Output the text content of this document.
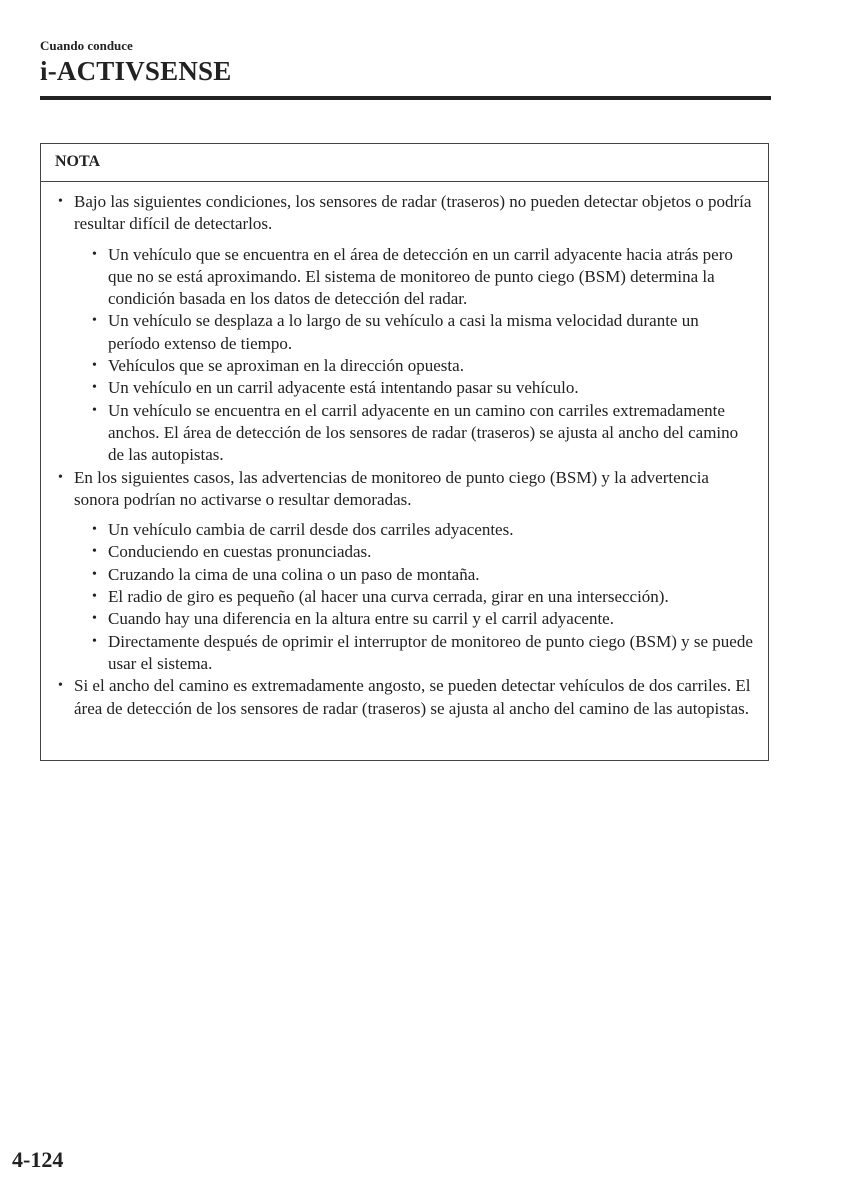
Cuando conduce
i-ACTIVSENSE
NOTA
• Bajo las siguientes condiciones, los sensores de radar (traseros) no pueden detectar objetos o podría resultar difícil de detectarlos.
• Un vehículo que se encuentra en el área de detección en un carril adyacente hacia atrás pero que no se está aproximando. El sistema de monitoreo de punto ciego (BSM) determina la condición basada en los datos de detección del radar.
• Un vehículo se desplaza a lo largo de su vehículo a casi la misma velocidad durante un período extenso de tiempo.
• Vehículos que se aproximan en la dirección opuesta.
• Un vehículo en un carril adyacente está intentando pasar su vehículo.
• Un vehículo se encuentra en el carril adyacente en un camino con carriles extremadamente anchos. El área de detección de los sensores de radar (traseros) se ajusta al ancho del camino de las autopistas.
• En los siguientes casos, las advertencias de monitoreo de punto ciego (BSM) y la advertencia sonora podrían no activarse o resultar demoradas.
• Un vehículo cambia de carril desde dos carriles adyacentes.
• Conduciendo en cuestas pronunciadas.
• Cruzando la cima de una colina o un paso de montaña.
• El radio de giro es pequeño (al hacer una curva cerrada, girar en una intersección).
• Cuando hay una diferencia en la altura entre su carril y el carril adyacente.
• Directamente después de oprimir el interruptor de monitoreo de punto ciego (BSM) y se puede usar el sistema.
• Si el ancho del camino es extremadamente angosto, se pueden detectar vehículos de dos carriles. El área de detección de los sensores de radar (traseros) se ajusta al ancho del camino de las autopistas.
4-124
